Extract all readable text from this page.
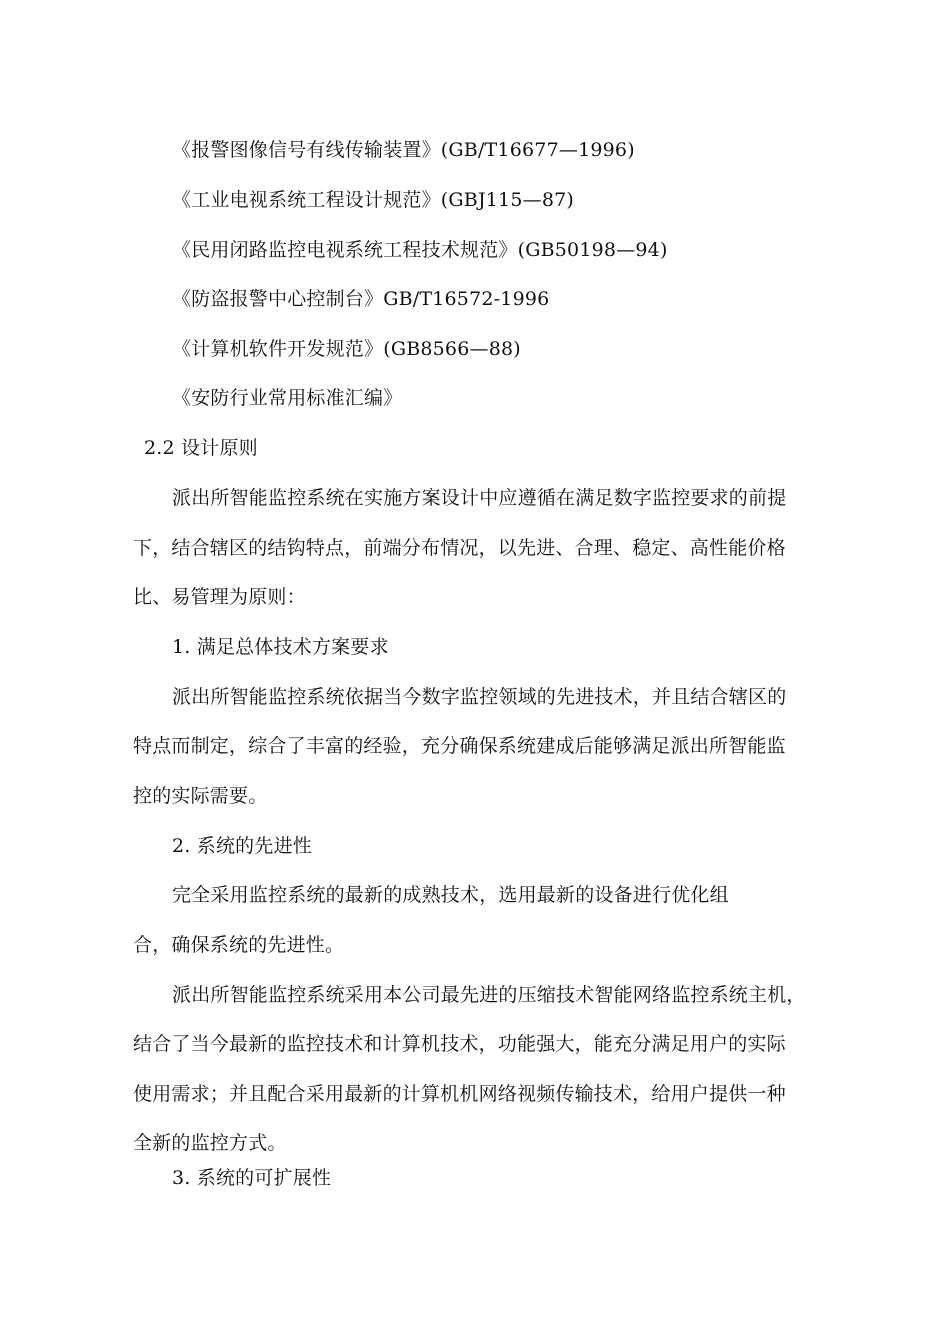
《报警图像信号有线传输装置》(GB/T16677—1996)
《工业电视系统工程设计规范》(GBJ115—87)
《民用闭路监控电视系统工程技术规范》(GB50198—94)
《防盗报警中心控制台》GB/T16572-1996
《计算机软件开发规范》(GB8566—88)
《安防行业常用标准汇编》
2.2 设计原则
派出所智能监控系统在实施方案设计中应遵循在满足数字监控要求的前提
下，结合辖区的结钩特点，前端分布情况，以先进、合理、稳定、高性能价格
比、易管理为原则：
1. 满足总体技术方案要求
派出所智能监控系统依据当今数字监控领域的先进技术，并且结合辖区的
特点而制定，综合了丰富的经验，充分确保系统建成后能够满足派出所智能监
控的实际需要。
2. 系统的先进性
完全采用监控系统的最新的成熟技术，选用最新的设备进行优化组
合，确保系统的先进性。
派出所智能监控系统采用本公司最先进的压缩技术智能网络监控系统主机，
结合了当今最新的监控技术和计算机技术，功能强大，能充分满足用户的实际
使用需求；并且配合采用最新的计算机机网络视频传输技术，给用户提供一种
全新的监控方式。
3. 系统的可扩展性
